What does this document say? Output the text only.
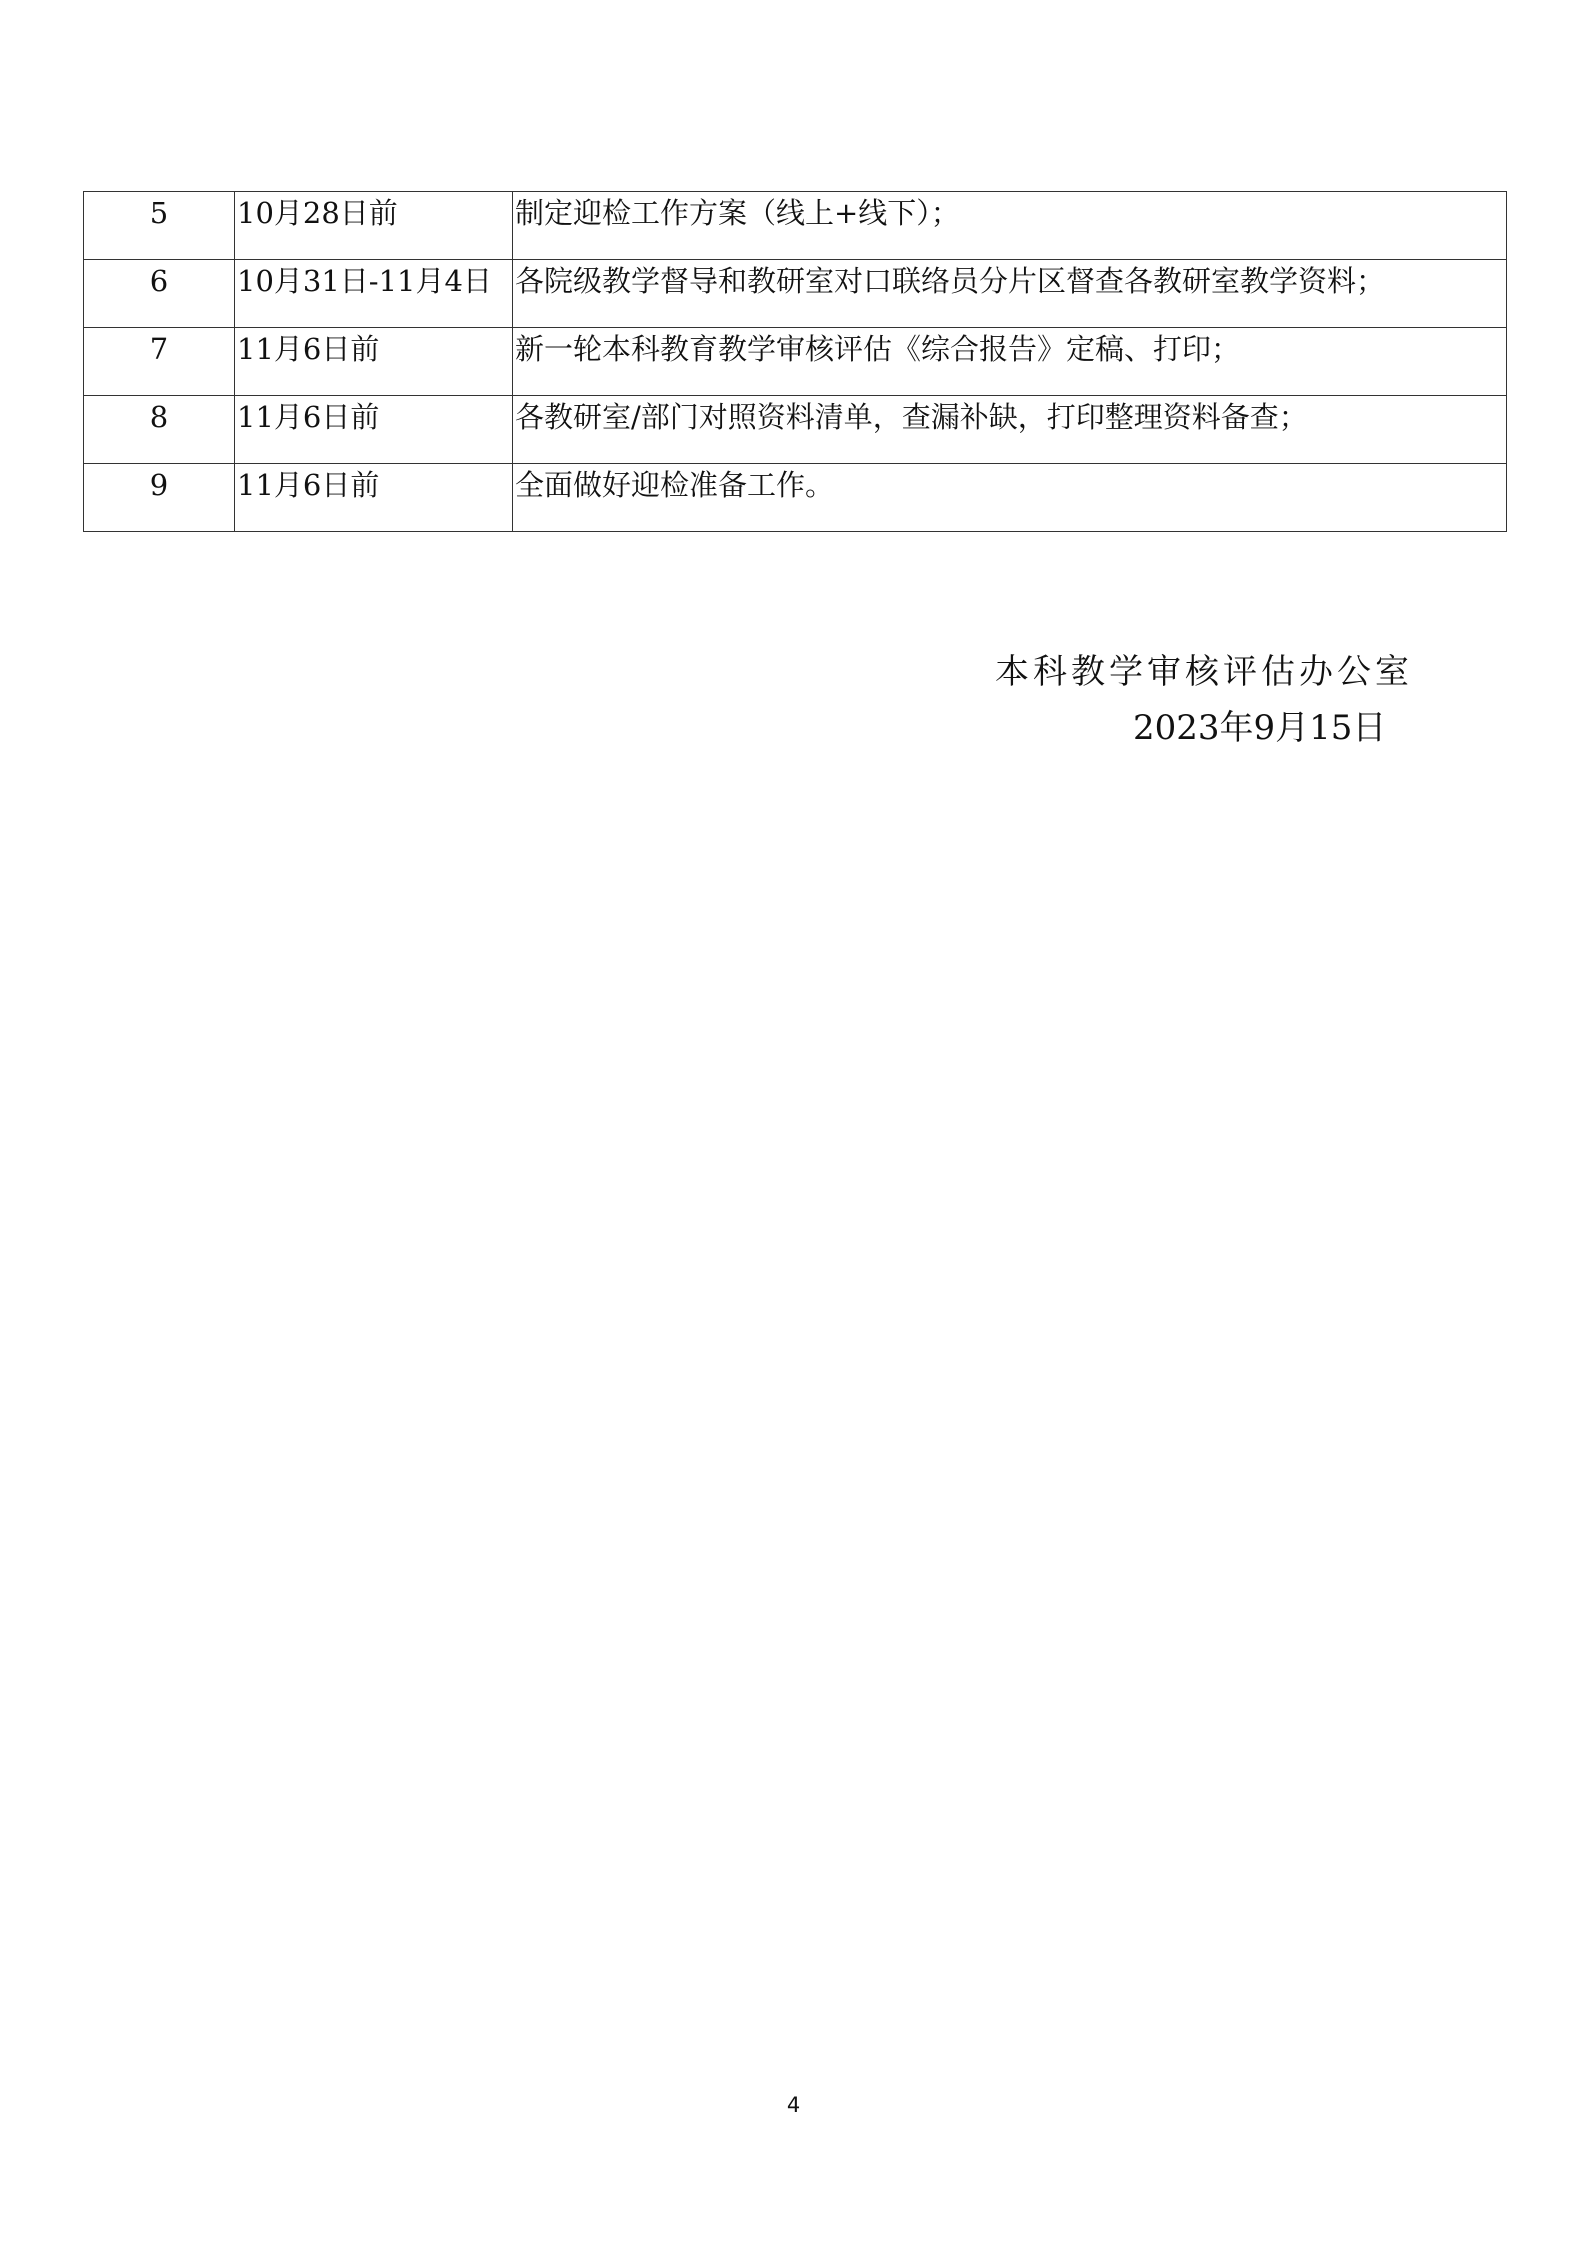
5	10月28日前	制定迎检工作方案（线上+线下）；

6	10月31日-11月4日	各院级教学督导和教研室对口联络员分片区督查各教研室教学资料；

7	11月6日前	新一轮本科教育教学审核评估《综合报告》定稿、打印；

8	11月6日前	各教研室/部门对照资料清单，查漏补缺，打印整理资料备查；

9	11月6日前	全面做好迎检准备工作。
本科教学审核评估办公室
2023年9月15日
4
